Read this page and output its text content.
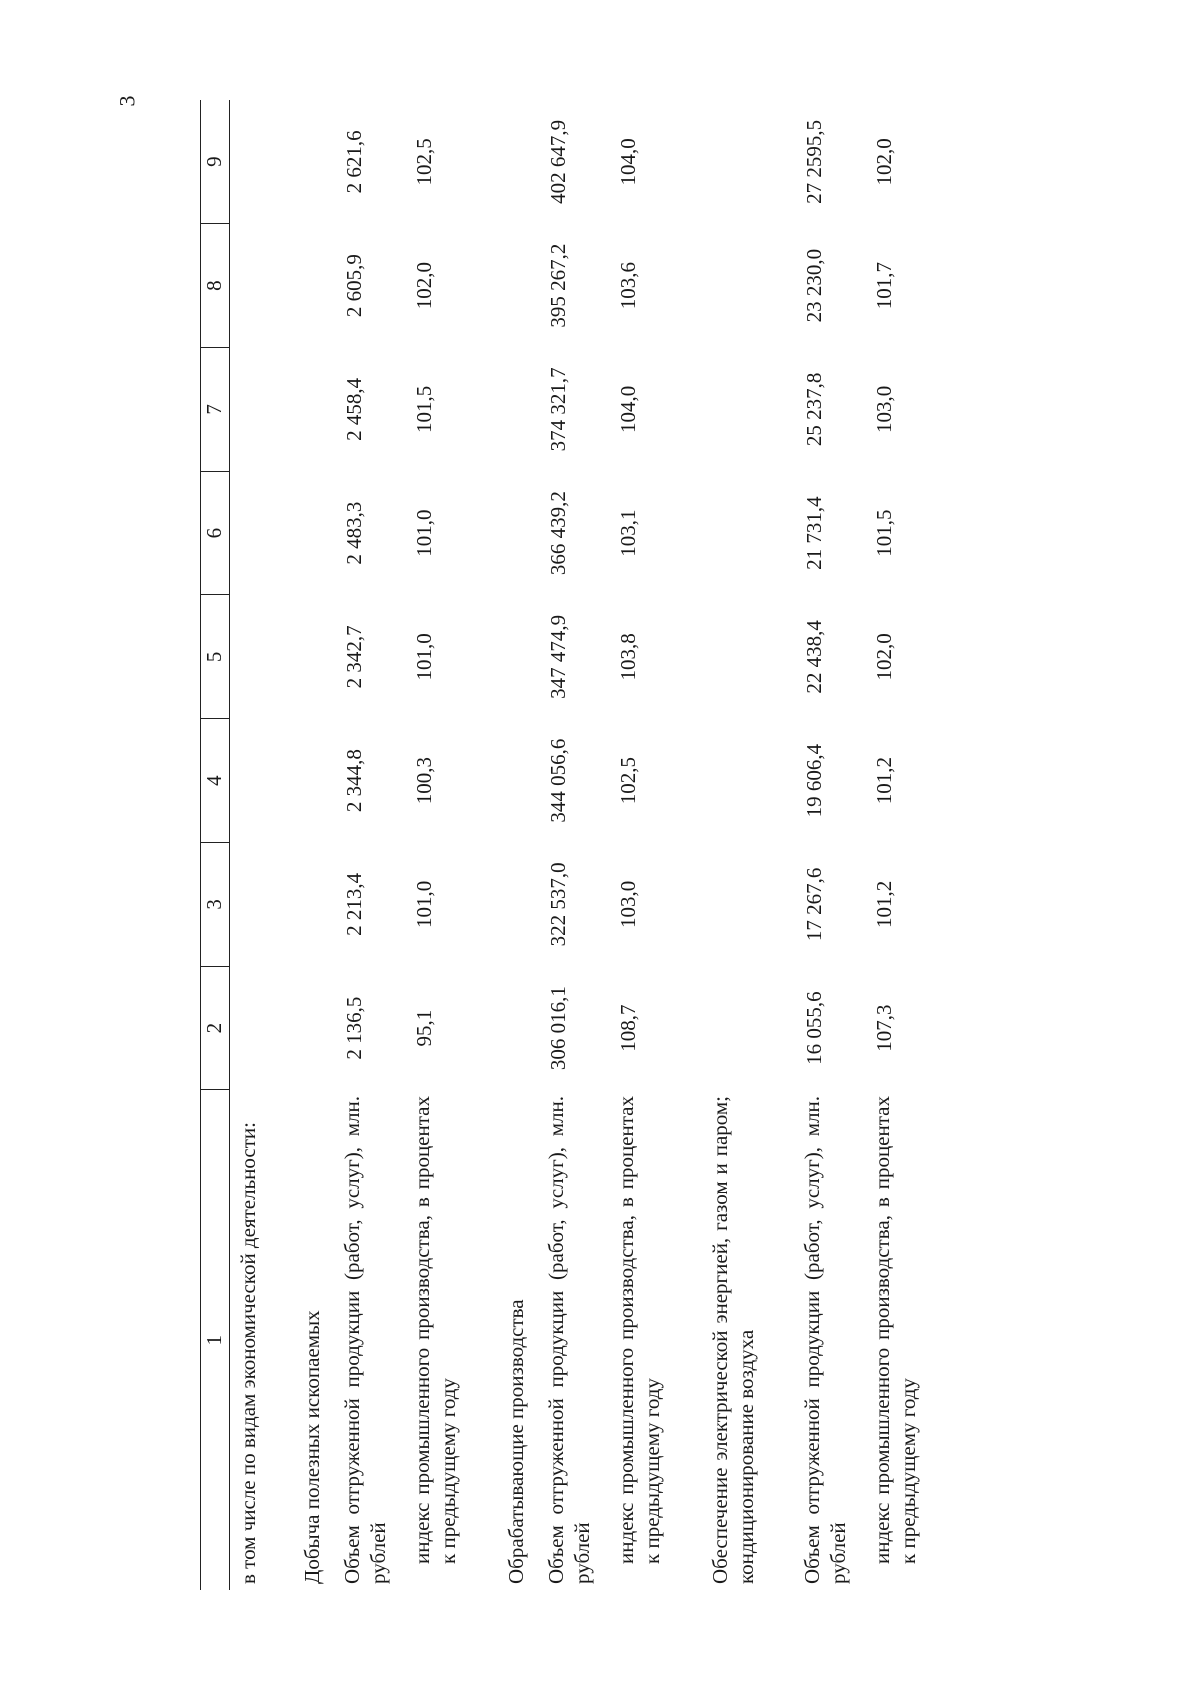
3
1	2	3	4	5	6	7	8	9
в том числе по видам экономической деятельности:								
Добыча полезных ископаемых								
Объем отгруженной продукции (работ, услуг), млн. рублей	2 136,5	2 213,4	2 344,8	2 342,7	2 483,3	2 458,4	2 605,9	2 621,6
индекс промышленного производства, в процентах к предыдущему году	95,1	101,0	100,3	101,0	101,0	101,5	102,0	102,5
Обрабатывающие производства								
Объем отгруженной продукции (работ, услуг), млн. рублей	306 016,1	322 537,0	344 056,6	347 474,9	366 439,2	374 321,7	395 267,2	402 647,9
индекс промышленного производства, в процентах к предыдущему году	108,7	103,0	102,5	103,8	103,1	104,0	103,6	104,0
Обеспечение электрической энергией, газом и паром; кондиционирование воздуха								
Объем отгруженной продукции (работ, услуг), млн. рублей	16 055,6	17 267,6	19 606,4	22 438,4	21 731,4	25 237,8	23 230,0	27 2595,5
индекс промышленного производства, в процентах к предыдущему году	107,3	101,2	101,2	102,0	101,5	103,0	101,7	102,0
